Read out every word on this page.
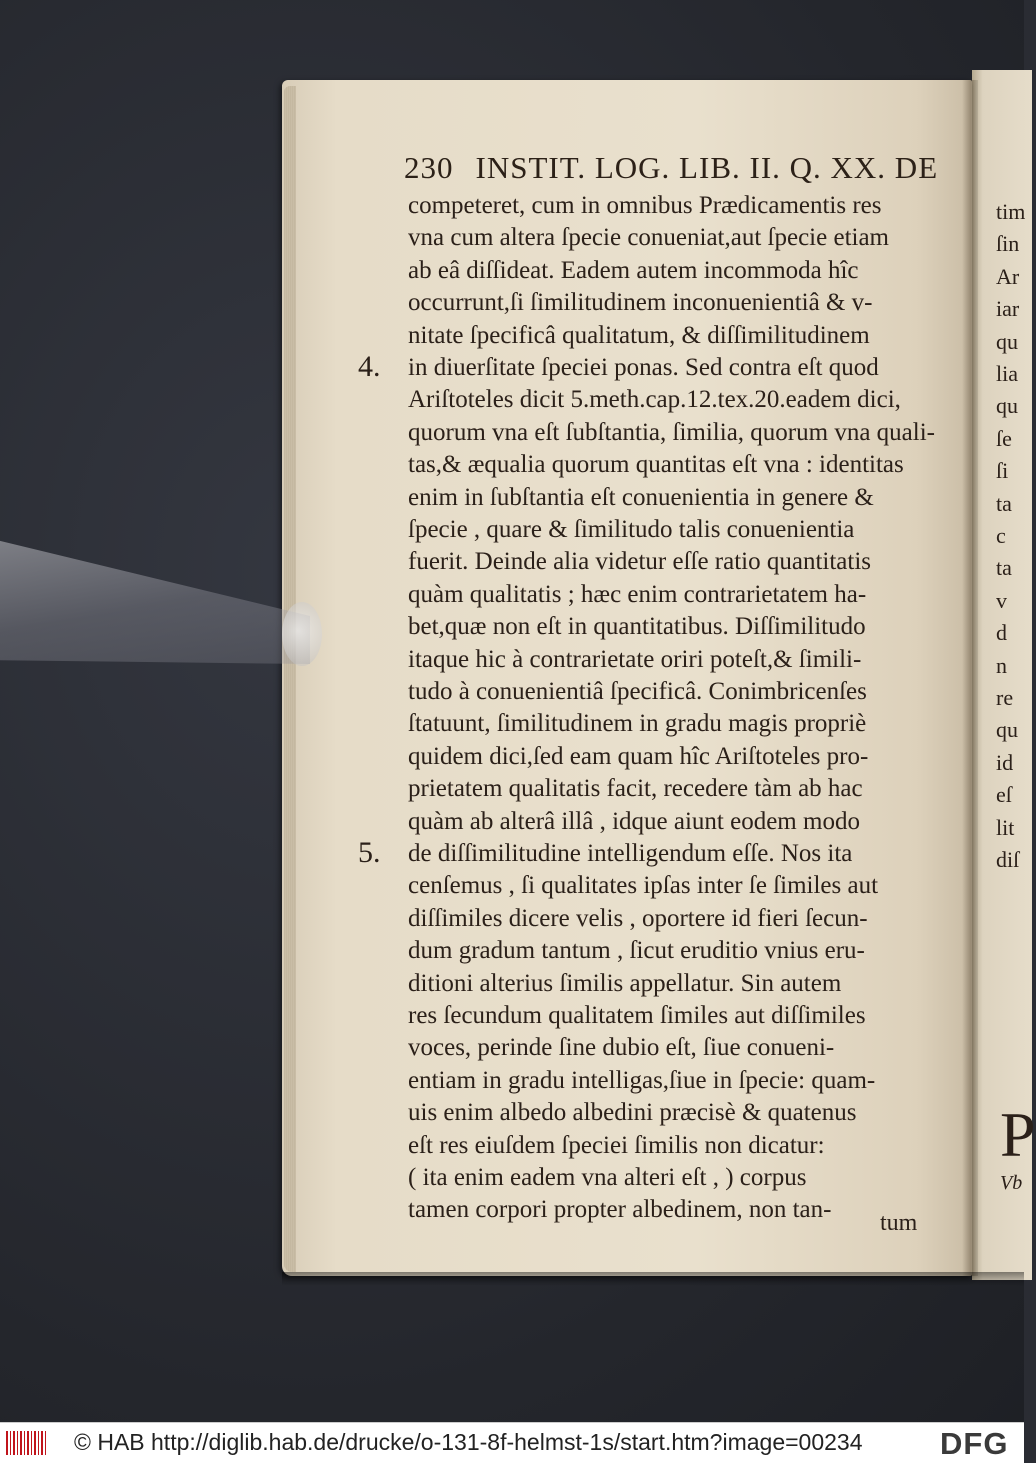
230 INSTIT. LOG. LIB. II. Q. XX. DE
competeret, cum in omnibus Prædicamentis res
vna cum altera ſpecie conueniat,aut ſpecie etiam
ab eâ diſſideat. Eadem autem incommoda hîc
occurrunt,ſi ſimilitudinem inconuenientiâ & v-
nitate ſpecificâ qualitatum, & diſſimilitudinem
in diuerſitate ſpeciei ponas. Sed contra eſt quod
Ariſtoteles dicit 5.meth.cap.12.tex.20.eadem dici,
quorum vna eſt ſubſtantia, ſimilia, quorum vna quali-
tas,& æqualia quorum quantitas eſt vna : identitas
enim in ſubſtantia eſt conuenientia in genere &
ſpecie , quare & ſimilitudo talis conuenientia
fuerit. Deinde alia videtur eſſe ratio quantitatis
quàm qualitatis ; hæc enim contrarietatem ha-
bet,quæ non eſt in quantitatibus. Diſſimilitudo
itaque hic à contrarietate oriri poteſt,& ſimili-
tudo à conuenientiâ ſpecificâ. Conimbricenſes
ſtatuunt, ſimilitudinem in gradu magis propriè
quidem dici,ſed eam quam hîc Ariſtoteles pro-
prietatem qualitatis facit, recedere tàm ab hac
quàm ab alterâ illâ , idque aiunt eodem modo
de diſſimilitudine intelligendum eſſe. Nos ita
cenſemus , ſi qualitates ipſas inter ſe ſimiles aut
diſſimiles dicere velis , oportere id fieri ſecun-
dum gradum tantum , ſicut eruditio vnius eru-
ditioni alterius ſimilis appellatur. Sin autem
res ſecundum qualitatem ſimiles aut diſſimiles
voces, perinde ſine dubio eſt, ſiue conueni-
entiam in gradu intelligas,ſiue in ſpecie: quam-
uis enim albedo albedini præcisè & quatenus
eſt res eiuſdem ſpeciei ſimilis non dicatur:
( ita enim eadem vna alteri eſt , ) corpus
tamen corpori propter albedinem, non tan-	tum
tim
ſin
Ar
iar
qu
lia
qu
ſe
ſi
ta
c
ta
v
d
n
re
qu
id
eſ
lit
diſ
P
Vb
© HAB http://diglib.hab.de/drucke/o-131-8f-helmst-1s/start.htm?image=00234 DFG
4.
5.
